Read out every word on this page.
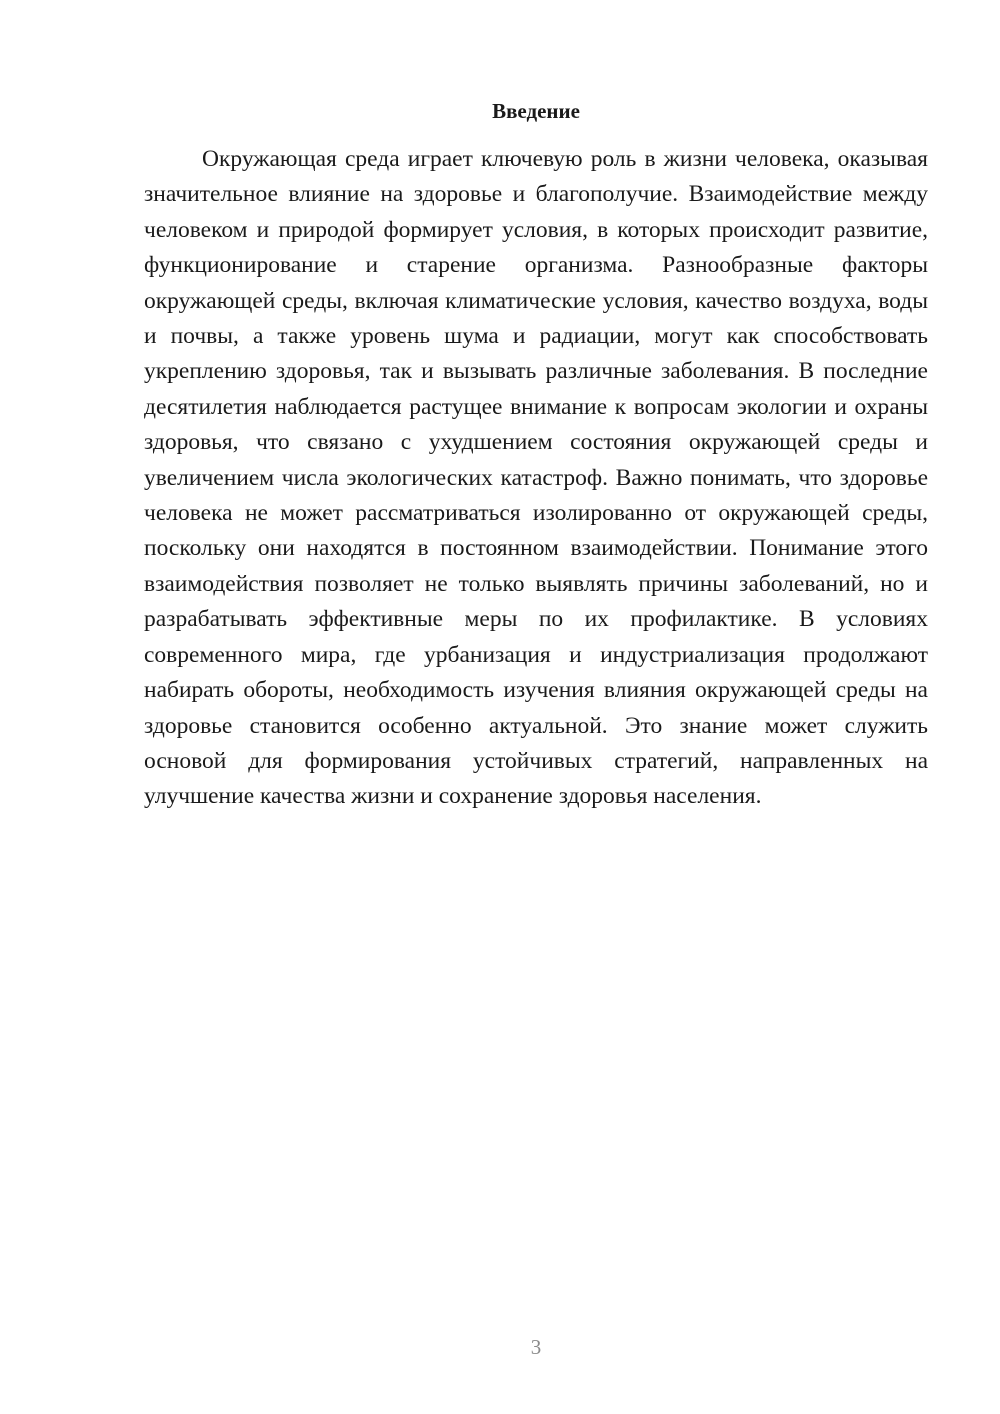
Введение

Окружающая среда играет ключевую роль в жизни человека, оказывая значительное влияние на здоровье и благополучие. Взаимодействие между человеком и природой формирует условия, в которых происходит развитие, функционирование и старение организма. Разнообразные факторы окружающей среды, включая климатические условия, качество воздуха, воды и почвы, а также уровень шума и радиации, могут как способствовать укреплению здоровья, так и вызывать различные заболевания. В последние десятилетия наблюдается растущее внимание к вопросам экологии и охраны здоровья, что связано с ухудшением состояния окружающей среды и увеличением числа экологических катастроф. Важно понимать, что здоровье человека не может рассматриваться изолированно от окружающей среды, поскольку они находятся в постоянном взаимодействии. Понимание этого взаимодействия позволяет не только выявлять причины заболеваний, но и разрабатывать эффективные меры по их профилактике. В условиях современного мира, где урбанизация и индустриализация продолжают набирать обороты, необходимость изучения влияния окружающей среды на здоровье становится особенно актуальной. Это знание может служить основой для формирования устойчивых стратегий, направленных на улучшение качества жизни и сохранение здоровья населения.

3
